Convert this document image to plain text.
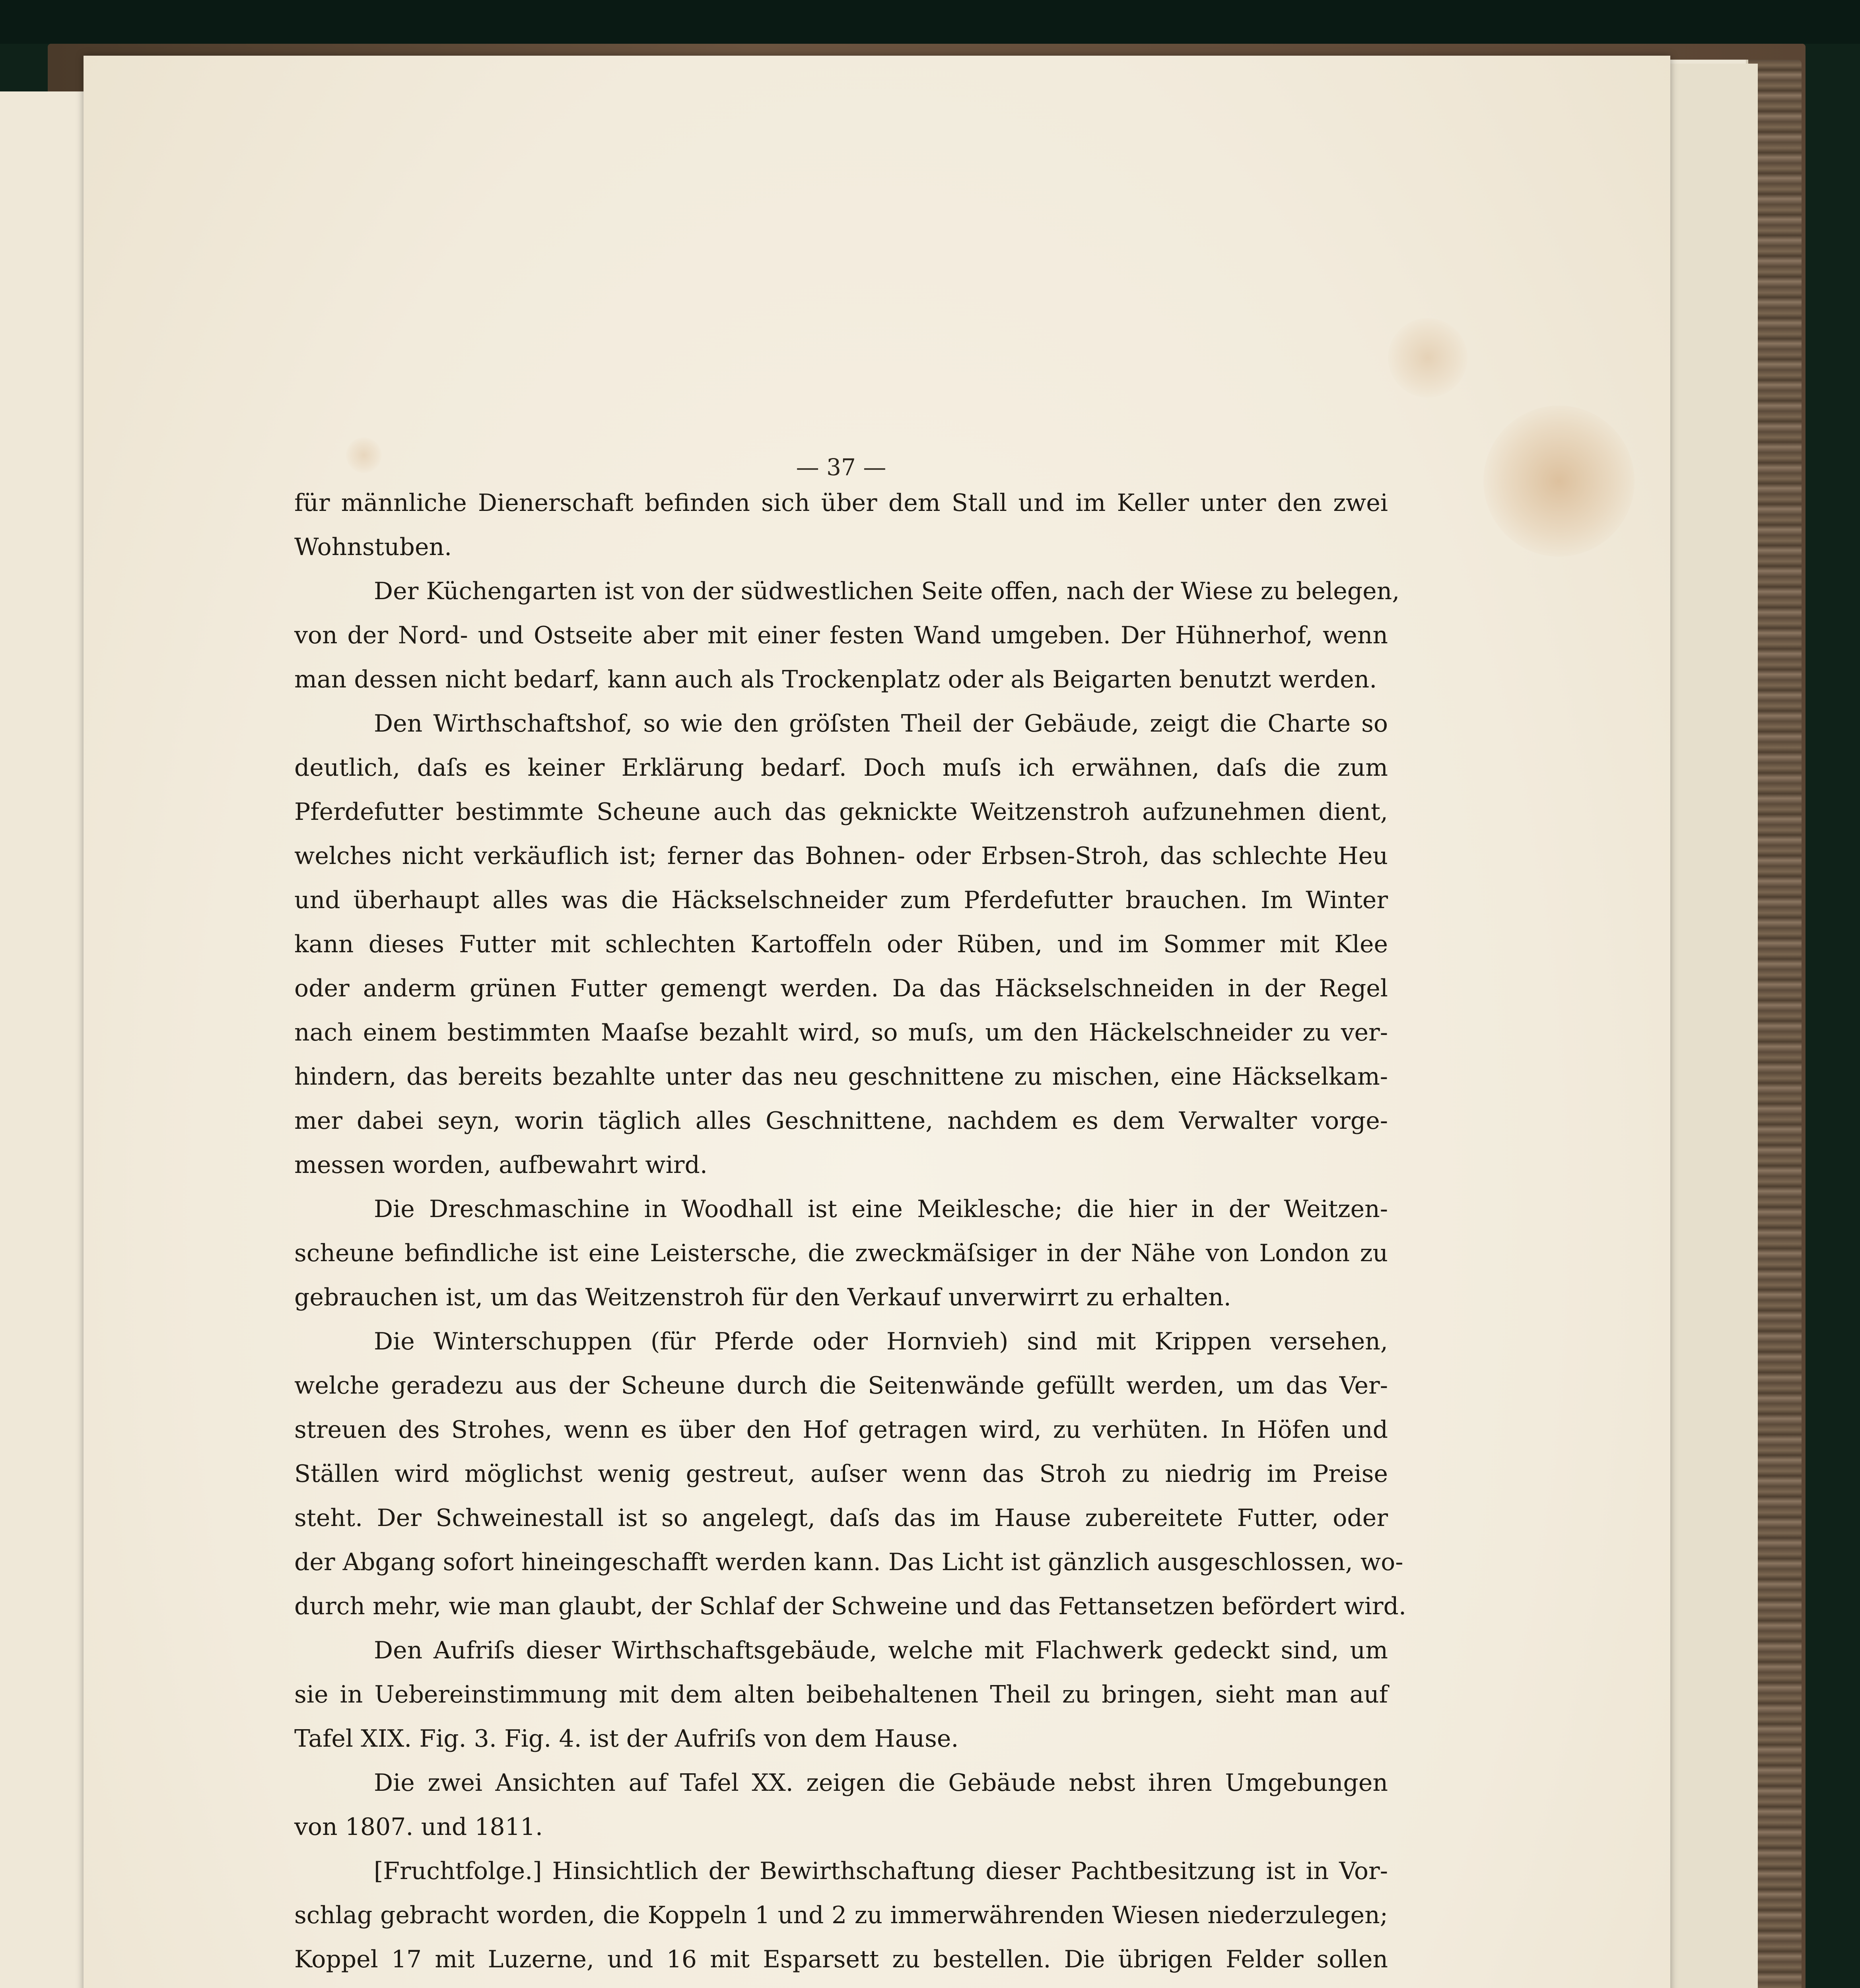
— 37 —
für männliche Dienerschaft befinden sich über dem Stall und im Keller unter den zwei
Wohnstuben.
Der Küchengarten ist von der südwestlichen Seite offen, nach der Wiese zu belegen,
von der Nord- und Ostseite aber mit einer festen Wand umgeben. Der Hühnerhof, wenn
man dessen nicht bedarf, kann auch als Trockenplatz oder als Beigarten benutzt werden.
Den Wirthschaftshof, so wie den gröſsten Theil der Gebäude, zeigt die Charte so
deutlich, daſs es keiner Erklärung bedarf. Doch muſs ich erwähnen, daſs die zum
Pferdefutter bestimmte Scheune auch das geknickte Weitzenstroh aufzunehmen dient,
welches nicht verkäuflich ist; ferner das Bohnen- oder Erbsen-Stroh, das schlechte Heu
und überhaupt alles was die Häckselschneider zum Pferdefutter brauchen. Im Winter
kann dieses Futter mit schlechten Kartoffeln oder Rüben, und im Sommer mit Klee
oder anderm grünen Futter gemengt werden. Da das Häckselschneiden in der Regel
nach einem bestimmten Maaſse bezahlt wird, so muſs, um den Häckelschneider zu ver-
hindern, das bereits bezahlte unter das neu geschnittene zu mischen, eine Häckselkam-
mer dabei seyn, worin täglich alles Geschnittene, nachdem es dem Verwalter vorge-
messen worden, aufbewahrt wird.
Die Dreschmaschine in Woodhall ist eine Meiklesche; die hier in der Weitzen-
scheune befindliche ist eine Leistersche, die zweckmäſsiger in der Nähe von London zu
gebrauchen ist, um das Weitzenstroh für den Verkauf unverwirrt zu erhalten.
Die Winterschuppen (für Pferde oder Hornvieh) sind mit Krippen versehen,
welche geradezu aus der Scheune durch die Seitenwände gefüllt werden, um das Ver-
streuen des Strohes, wenn es über den Hof getragen wird, zu verhüten. In Höfen und
Ställen wird möglichst wenig gestreut, auſser wenn das Stroh zu niedrig im Preise
steht. Der Schweinestall ist so angelegt, daſs das im Hause zubereitete Futter, oder
der Abgang sofort hineingeschafft werden kann. Das Licht ist gänzlich ausgeschlossen, wo-
durch mehr, wie man glaubt, der Schlaf der Schweine und das Fettansetzen befördert wird.
Den Aufriſs dieser Wirthschaftsgebäude, welche mit Flachwerk gedeckt sind, um
sie in Uebereinstimmung mit dem alten beibehaltenen Theil zu bringen, sieht man auf
Tafel XIX. Fig. 3. Fig. 4. ist der Aufriſs von dem Hause.
Die zwei Ansichten auf Tafel XX. zeigen die Gebäude nebst ihren Umgebungen
von 1807. und 1811.
[Fruchtfolge.] Hinsichtlich der Bewirthschaftung dieser Pachtbesitzung ist in Vor-
schlag gebracht worden, die Koppeln 1 und 2 zu immerwährenden Wiesen niederzulegen;
Koppel 17 mit Luzerne, und 16 mit Esparsett zu bestellen. Die übrigen Felder sollen
